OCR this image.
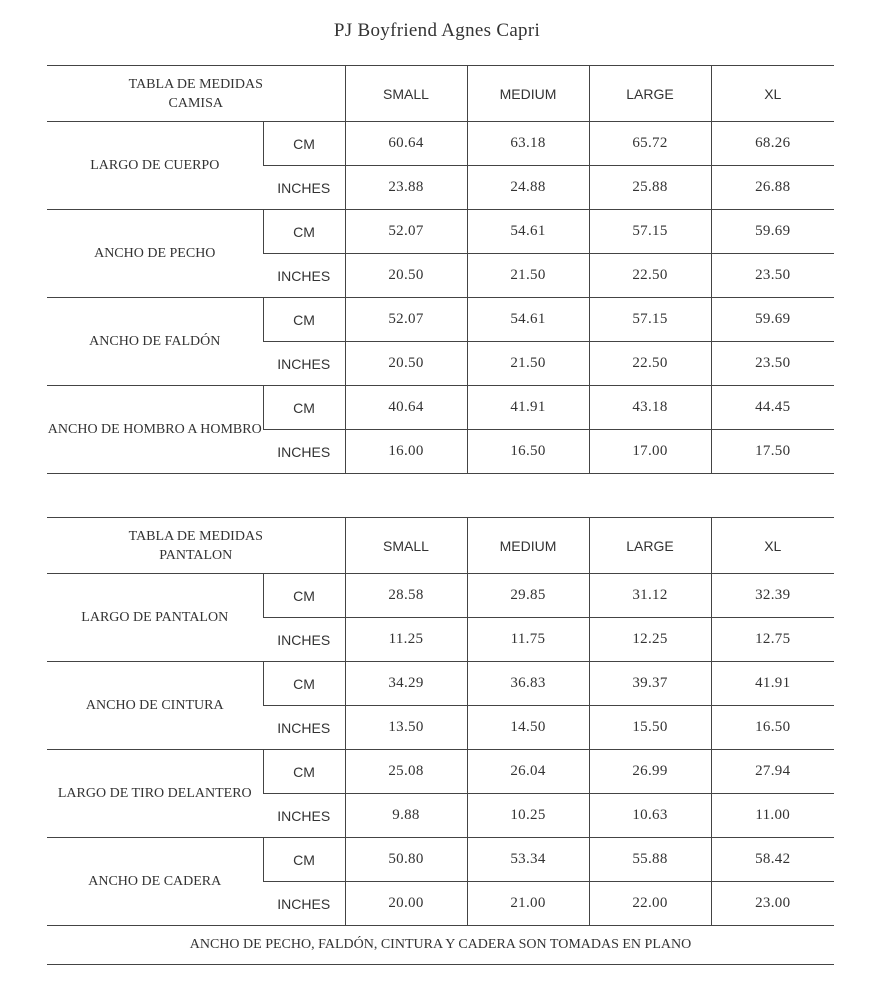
PJ Boyfriend Agnes Capri
TABLA DE MEDIDAS
CAMISA		SMALL	MEDIUM	LARGE	XL
LARGO DE CUERPO	CM	60.64	63.18	65.72	68.26
	INCHES	23.88	24.88	25.88	26.88
ANCHO DE PECHO	CM	52.07	54.61	57.15	59.69
	INCHES	20.50	21.50	22.50	23.50
ANCHO DE FALDÓN	CM	52.07	54.61	57.15	59.69
	INCHES	20.50	21.50	22.50	23.50
ANCHO DE HOMBRO A HOMBRO	CM	40.64	41.91	43.18	44.45
	INCHES	16.00	16.50	17.00	17.50
TABLA DE MEDIDAS
PANTALON		SMALL	MEDIUM	LARGE	XL
LARGO DE PANTALON	CM	28.58	29.85	31.12	32.39
	INCHES	11.25	11.75	12.25	12.75
ANCHO DE CINTURA	CM	34.29	36.83	39.37	41.91
	INCHES	13.50	14.50	15.50	16.50
LARGO DE TIRO DELANTERO	CM	25.08	26.04	26.99	27.94
	INCHES	9.88	10.25	10.63	11.00
ANCHO DE CADERA	CM	50.80	53.34	55.88	58.42
	INCHES	20.00	21.00	22.00	23.00
ANCHO DE PECHO, FALDÓN, CINTURA Y CADERA SON TOMADAS EN PLANO
